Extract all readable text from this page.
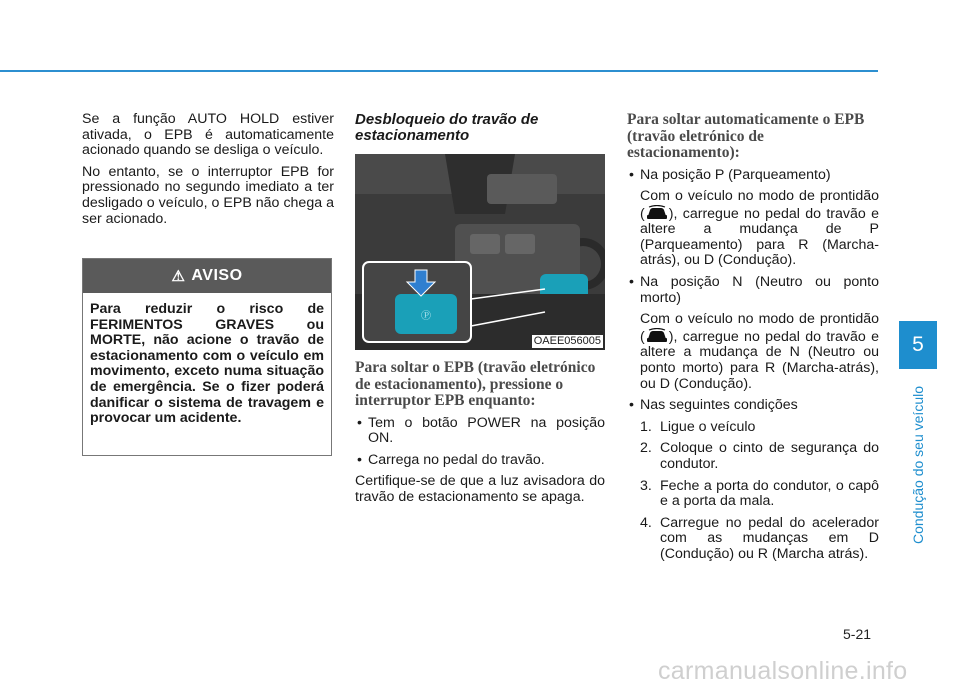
Se a função AUTO HOLD estiver ativada, o EPB é automaticamente acionado quando se desliga o veículo.

No entanto, se o interruptor EPB for pressionado no segundo imediato a ter desligado o veículo, o EPB não chega a ser acionado.

⚠ AVISO
Para reduzir o risco de FERIMENTOS GRAVES ou MORTE, não acione o travão de estacionamento com o veículo em movimento, exceto numa situação de emergência. Se o fizer poderá danificar o sistema de travagem e provocar um acidente.

Desbloqueio do travão de estacionamento

Ⓟ
OAEE056005

Para soltar o EPB (travão eletrónico de estacionamento), pressione o interruptor EPB enquanto:

• Tem o botão POWER na posição ON.
• Carrega no pedal do travão.

Certifique-se de que a luz avisadora do travão de estacionamento se apaga.

Para soltar automaticamente o EPB (travão eletrónico de estacionamento):

• Na posição P (Parqueamento)

Com o veículo no modo de prontidão ( ), carregue no pedal do travão e altere a mudança de P (Parqueamento) para R (Marcha-atrás), ou D (Condução).

• Na posição N (Neutro ou ponto morto)

Com o veículo no modo de prontidão ( ), carregue no pedal do travão e altere a mudança de N (Neutro ou ponto morto) para R (Marcha-atrás), ou D (Condução).

• Nas seguintes condições
1. Ligue o veículo
2. Coloque o cinto de segurança do condutor.
3. Feche a porta do condutor, o capô e a porta da mala.
4. Carregue no pedal do acelerador com as mudanças em D (Condução) ou R (Marcha atrás).
5
Condução do seu veículo
5-21
carmanualsonline.info
